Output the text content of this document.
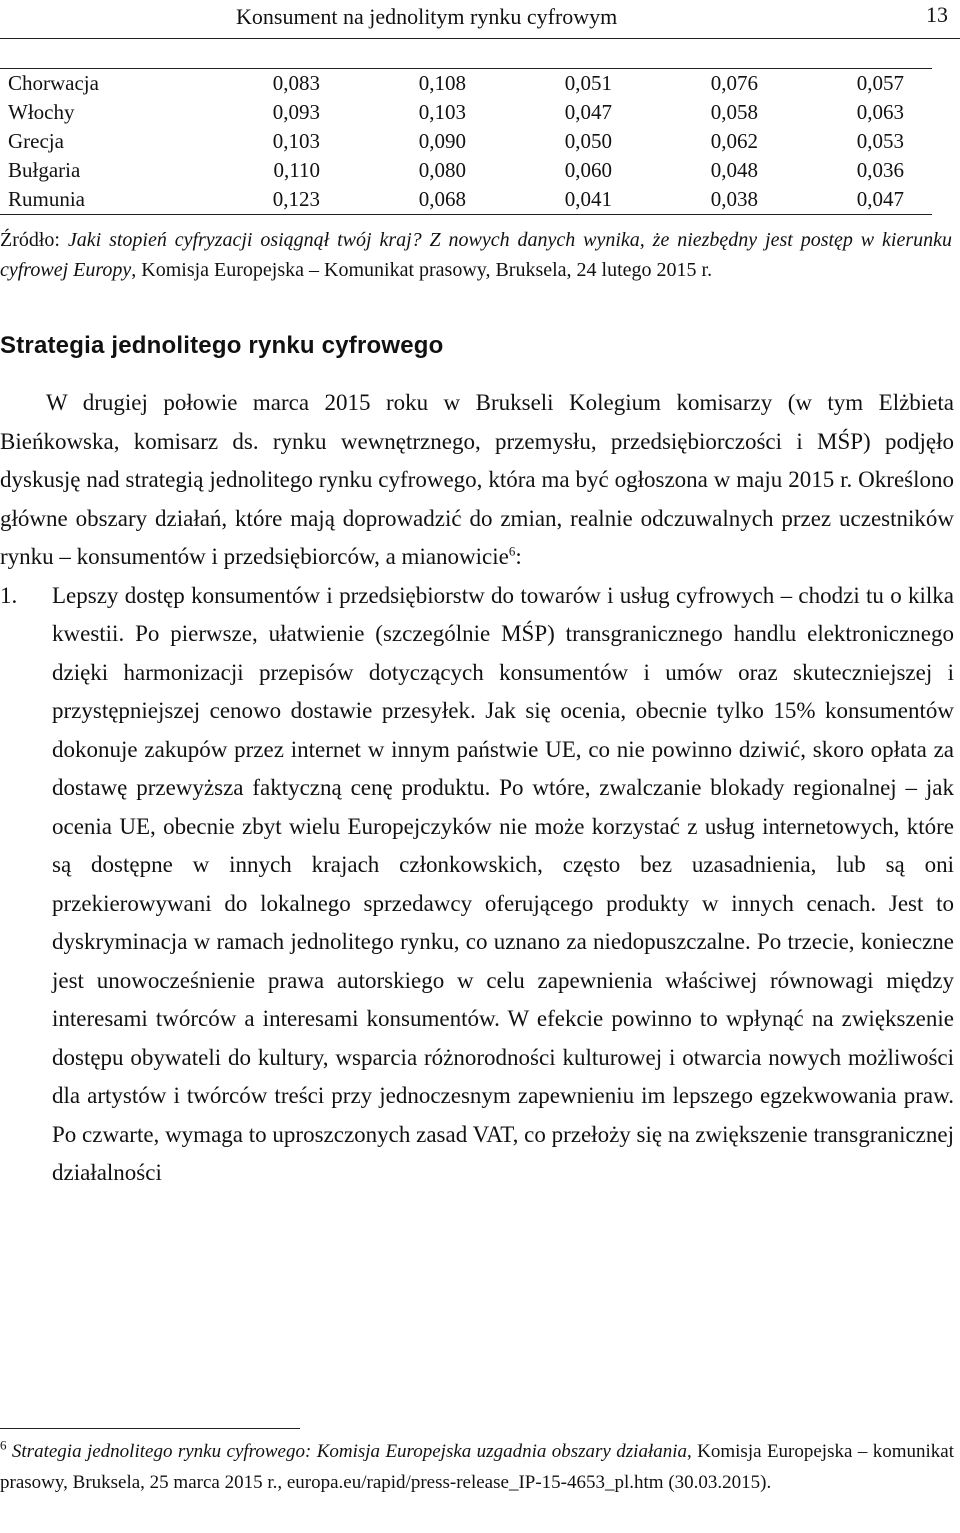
Konsument na jednolitym rynku cyfrowym	13
Chorwacja	0,083	0,108	0,051	0,076	0,057
Włochy	0,093	0,103	0,047	0,058	0,063
Grecja	0,103	0,090	0,050	0,062	0,053
Bułgaria	0,110	0,080	0,060	0,048	0,036
Rumunia	0,123	0,068	0,041	0,038	0,047
Źródło: Jaki stopień cyfryzacji osiągnął twój kraj? Z nowych danych wynika, że niezbędny jest postęp w kierunku cyfrowej Europy, Komisja Europejska – Komunikat prasowy, Bruksela, 24 lutego 2015 r.
Strategia jednolitego rynku cyfrowego

W drugiej połowie marca 2015 roku w Brukseli Kolegium komisarzy (w tym Elżbieta Bieńkowska, komisarz ds. rynku wewnętrznego, przemysłu, przedsiębiorczości i MŚP) podjęło dyskusję nad strategią jednolitego rynku cyfrowego, która ma być ogłoszona w maju 2015 r. Określono główne obszary działań, które mają doprowadzić do zmian, realnie odczuwalnych przez uczestników rynku – konsumentów i przedsiębiorców, a mianowicie$^6$:

1. Lepszy dostęp konsumentów i przedsiębiorstw do towarów i usług cyfrowych – chodzi tu o kilka kwestii. Po pierwsze, ułatwienie (szczególnie MŚP) transgranicznego handlu elektronicznego dzięki harmonizacji przepisów dotyczących konsumentów i umów oraz skuteczniejszej i przystępniejszej cenowo dostawie przesyłek. Jak się ocenia, obecnie tylko 15% konsumentów dokonuje zakupów przez internet w innym państwie UE, co nie powinno dziwić, skoro opłata za dostawę przewyższa faktyczną cenę produktu. Po wtóre, zwalczanie blokady regionalnej – jak ocenia UE, obecnie zbyt wielu Europejczyków nie może korzystać z usług internetowych, które są dostępne w innych krajach członkowskich, często bez uzasadnienia, lub są oni przekierowywani do lokalnego sprzedawcy oferującego produkty w innych cenach. Jest to dyskryminacja w ramach jednolitego rynku, co uznano za niedopuszczalne. Po trzecie, konieczne jest unowocześnienie prawa autorskiego w celu zapewnienia właściwej równowagi między interesami twórców a interesami konsumentów. W efekcie powinno to wpłynąć na zwiększenie dostępu obywateli do kultury, wsparcia różnorodności kulturowej i otwarcia nowych możliwości dla artystów i twórców treści przy jednoczesnym zapewnieniu im lepszego egzekwowania praw. Po czwarte, wymaga to uproszczonych zasad VAT, co przełoży się na zwiększenie transgranicznej działalności
$^6$ Strategia jednolitego rynku cyfrowego: Komisja Europejska uzgadnia obszary działania, Komisja Europejska – komunikat prasowy, Bruksela, 25 marca 2015 r., europa.eu/rapid/press-release_IP-15-4653_pl.htm (30.03.2015).
